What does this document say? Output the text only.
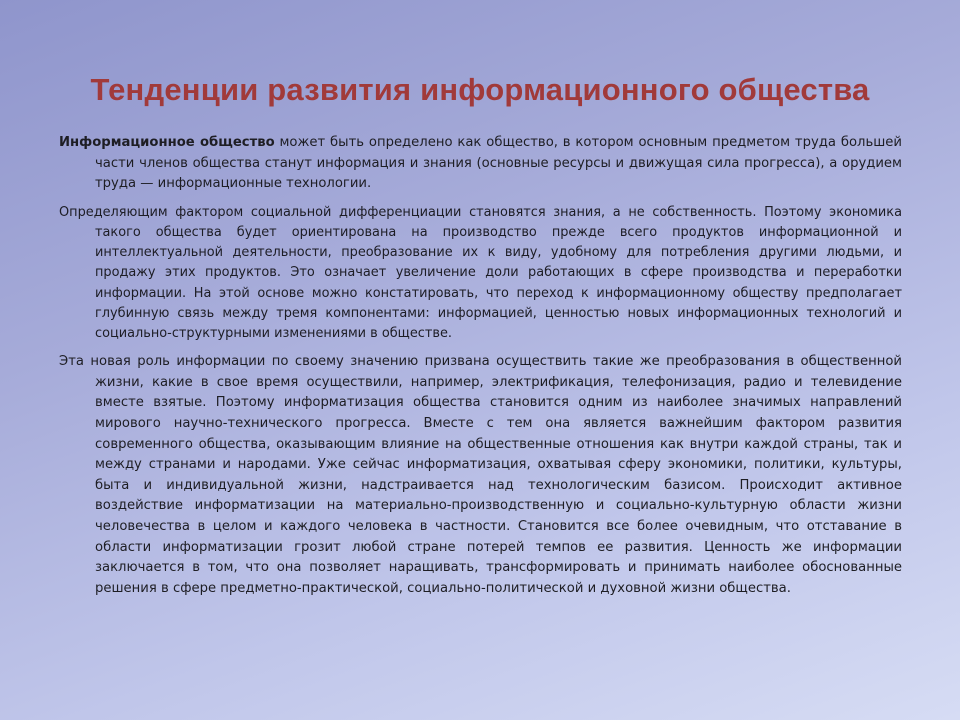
Тенденции развития информационного общества

Информационное общество может быть определено как общество, в котором основным предметом труда большей части членов общества станут информация и знания (основные ресурсы и движущая сила прогресса), а орудием труда — информационные технологии.

Определяющим фактором социальной дифференциации становятся знания, а не собственность. Поэтому экономика такого общества будет ориентирована на производство прежде всего продуктов информационной и интеллектуальной деятельности, преобразование их к виду, удобному для потребления другими людьми, и продажу этих продуктов. Это означает увеличение доли работающих в сфере производства и переработки информации. На этой основе можно констатировать, что переход к информационному обществу предполагает глубинную связь между тремя компонентами: информацией, ценностью новых информационных технологий и социально-структурными изменениями в обществе.

Эта новая роль информации по своему значению призвана осуществить такие же преобразования в общественной жизни, какие в свое время осуществили, например, электрификация, телефонизация, радио и телевидение вместе взятые. Поэтому информатизация общества становится одним из наиболее значимых направлений мирового научно-технического прогресса. Вместе с тем она является важнейшим фактором развития современного общества, оказывающим влияние на общественные отношения как внутри каждой страны, так и между странами и народами. Уже сейчас информатизация, охватывая сферу экономики, политики, культуры, быта и индивидуальной жизни, надстраивается над технологическим базисом. Происходит активное воздействие информатизации на материально-производственную и социально-культурную области жизни человечества в целом и каждого человека в частности. Становится все более очевидным, что отставание в области информатизации грозит любой стране потерей темпов ее развития. Ценность же информации заключается в том, что она позволяет наращивать, трансформировать и принимать наиболее обоснованные решения в сфере предметно-практической, социально-политической и духовной жизни общества.
